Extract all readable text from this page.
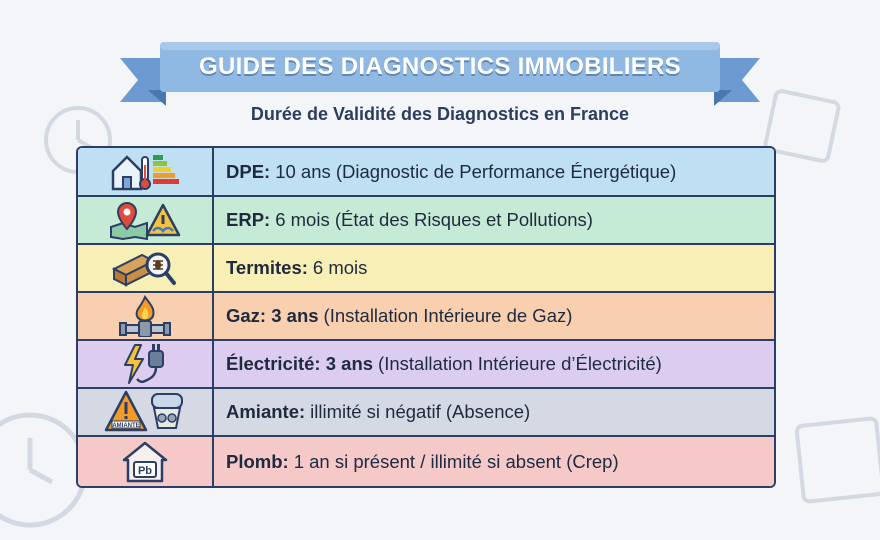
GUIDE DES DIAGNOSTICS IMMOBILIERS
Durée de Validité des Diagnostics en France
DPE: 10 ans (Diagnostic de Performance Énergétique)
ERP: 6 mois (État des Risques et Pollutions)
Termites: 6 mois
Gaz: 3 ans (Installation Intérieure de Gaz)
Électricité: 3 ans (Installation Intérieure d’Électricité)
AMIANTE
Amiante: illimité si négatif (Absence)
Pb	Plomb: 1 an si présent / illimité si absent (Crep)
